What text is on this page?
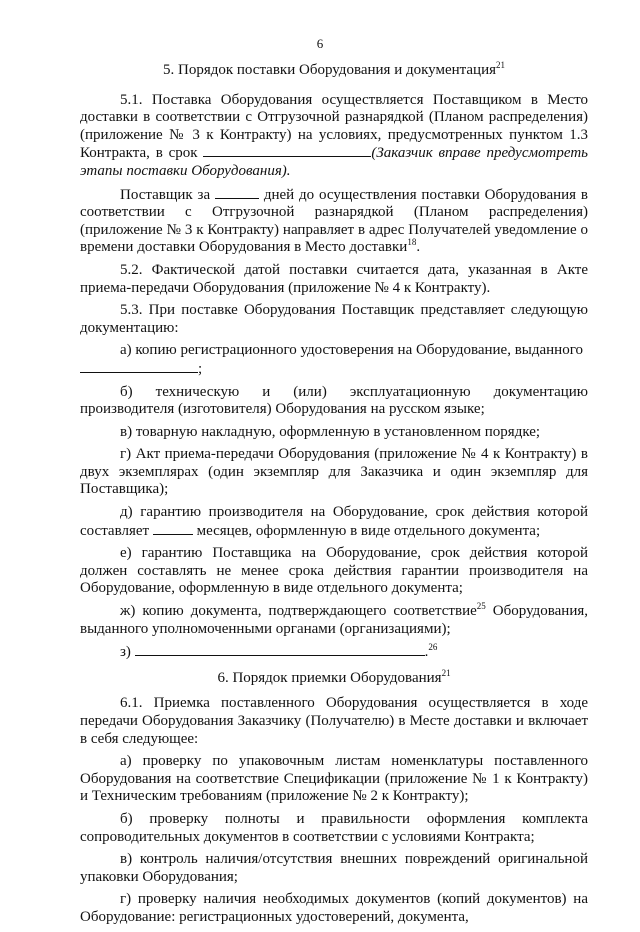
6
5. Порядок поставки Оборудования и документация$^{21}$

5.1. Поставка Оборудования осуществляется Поставщиком в Место доставки в соответствии с Отгрузочной разнарядкой (Планом распределения) (приложение № 3 к Контракту) на условиях, предусмотренных пунктом 1.3 Контракта, в срок	(Заказчик вправе предусмотреть этапы поставки Оборудования).

Поставщик за	дней до осуществления поставки Оборудования в соответствии с Отгрузочной разнарядкой (Планом распределения) (приложение № 3 к Контракту) направляет в адрес Получателей уведомление о времени доставки Оборудования в Место доставки$^{18}$.

5.2. Фактической датой поставки считается дата, указанная в Акте приема-передачи Оборудования (приложение № 4 к Контракту).

5.3. При поставке Оборудования Поставщик представляет следующую документацию:

а) копию регистрационного удостоверения на Оборудование, выданного
;

б) техническую и (или) эксплуатационную документацию производителя (изготовителя) Оборудования на русском языке;

в) товарную накладную, оформленную в установленном порядке;

г) Акт приема-передачи Оборудования (приложение № 4 к Контракту) в двух экземплярах (один экземпляр для Заказчика и один экземпляр для Поставщика);

д) гарантию производителя на Оборудование, срок действия которой составляет	месяцев, оформленную в виде отдельного документа;

е) гарантию Поставщика на Оборудование, срок действия которой должен составлять не менее срока действия гарантии производителя на Оборудование, оформленную в виде отдельного документа;

ж) копию документа, подтверждающего соответствие$^{25}$ Оборудования, выданного уполномоченными органами (организациями);

з)	.$^{26}$

6. Порядок приемки Оборудования$^{21}$

6.1. Приемка поставленного Оборудования осуществляется в ходе передачи Оборудования Заказчику (Получателю) в Месте доставки и включает в себя следующее:

а) проверку по упаковочным листам номенклатуры поставленного Оборудования на соответствие Спецификации (приложение № 1 к Контракту) и Техническим требованиям (приложение № 2 к Контракту);

б) проверку полноты и правильности оформления комплекта сопроводительных документов в соответствии с условиями Контракта;

в) контроль наличия/отсутствия внешних повреждений оригинальной упаковки Оборудования;

г) проверку наличия необходимых документов (копий документов) на Оборудование: регистрационных удостоверений, документа,
